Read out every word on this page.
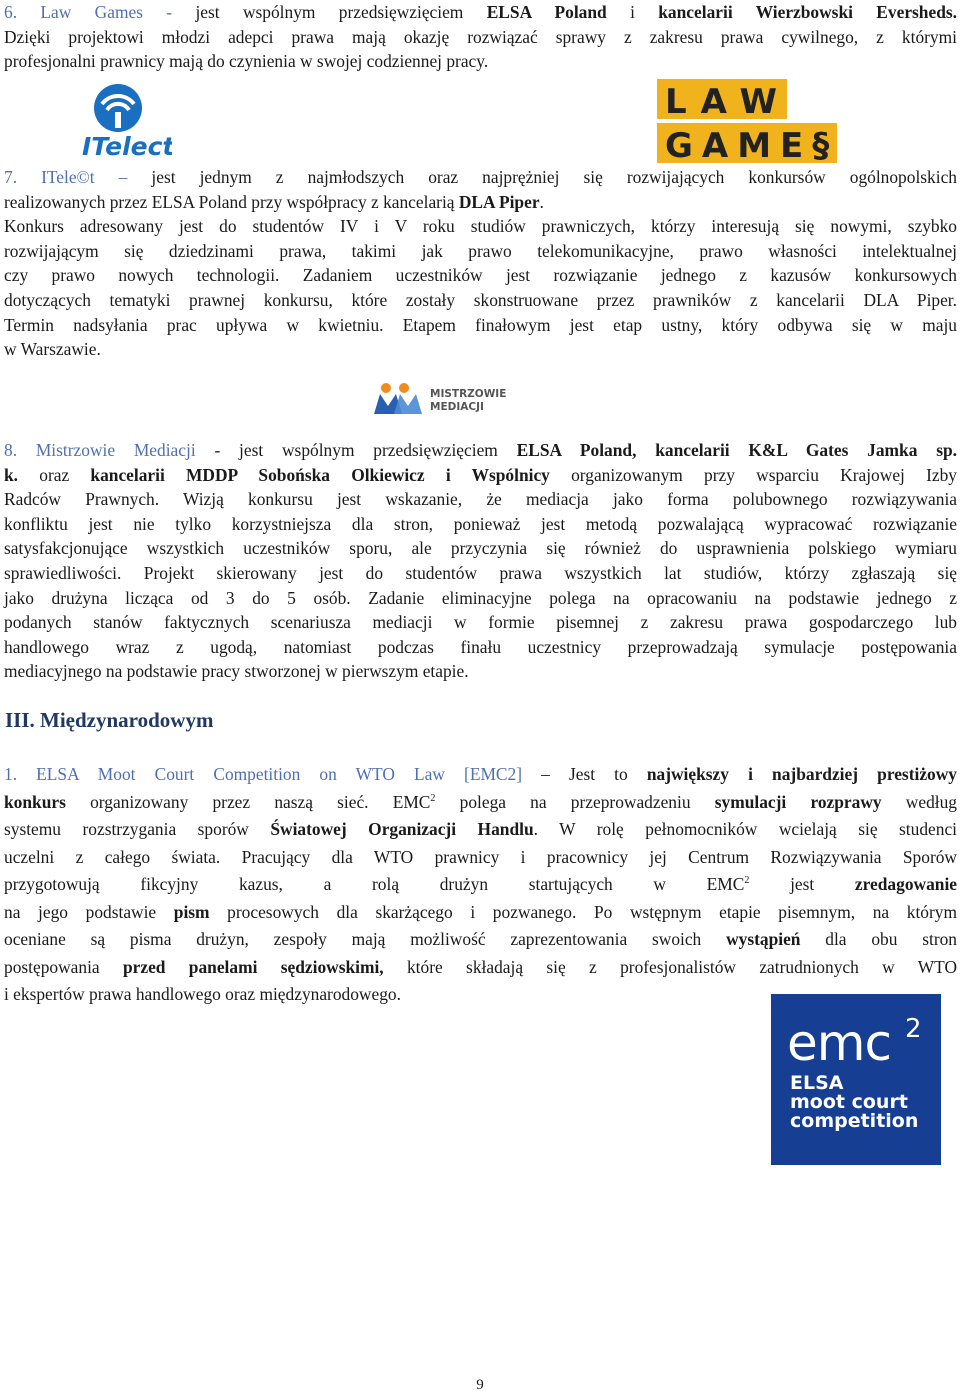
6. Law Games - jest wspólnym przedsięwzięciem ELSA Poland i kancelarii Wierzbowski Eversheds.
Dzięki projektowi młodzi adepci prawa mają okazję rozwiązać sprawy z zakresu prawa cywilnego, z którymi
profesjonalni prawnicy mają do czynienia w swojej codziennej pracy.

ITelect
LAW
GAME§

7. ITele©t – jest jednym z najmłodszych oraz najprężniej się rozwijających konkursów ogólnopolskich
realizowanych przez ELSA Poland przy współpracy z kancelarią DLA Piper.
Konkurs adresowany jest do studentów IV i V roku studiów prawniczych, którzy interesują się nowymi, szybko
rozwijającym się dziedzinami prawa, takimi jak prawo telekomunikacyjne, prawo własności intelektualnej
czy prawo nowych technologii. Zadaniem uczestników jest rozwiązanie jednego z kazusów konkursowych
dotyczących tematyki prawnej konkursu, które zostały skonstruowane przez prawników z kancelarii DLA Piper.
Termin nadsyłania prac upływa w kwietniu. Etapem finałowym jest etap ustny, który odbywa się w maju
w Warszawie.

MISTRZOWIE
MEDIACJI

8. Mistrzowie Mediacji - jest wspólnym przedsięwzięciem ELSA Poland, kancelarii K&L Gates Jamka sp.
k. oraz kancelarii MDDP Sobońska Olkiewicz i Wspólnicy organizowanym przy wsparciu Krajowej Izby
Radców Prawnych. Wizją konkursu jest wskazanie, że mediacja jako forma polubownego rozwiązywania
konfliktu jest nie tylko korzystniejsza dla stron, ponieważ jest metodą pozwalającą wypracować rozwiązanie
satysfakcjonujące wszystkich uczestników sporu, ale przyczynia się również do usprawnienia polskiego wymiaru
sprawiedliwości. Projekt skierowany jest do studentów prawa wszystkich lat studiów, którzy zgłaszają się
jako drużyna licząca od 3 do 5 osób. Zadanie eliminacyjne polega na opracowaniu na podstawie jednego z
podanych stanów faktycznych scenariusza mediacji w formie pisemnej z zakresu prawa gospodarczego lub
handlowego wraz z ugodą, natomiast podczas finału uczestnicy przeprowadzają symulacje postępowania
mediacyjnego na podstawie pracy stworzonej w pierwszym etapie.

III. Międzynarodowym

1. ELSA Moot Court Competition on WTO Law [EMC2] – Jest to największy i najbardziej prestiżowy
konkurs organizowany przez naszą sieć. EMC$^2$ polega na przeprowadzeniu symulacji rozprawy według
systemu rozstrzygania sporów Światowej Organizacji Handlu. W rolę pełnomocników wcielają się studenci
uczelni z całego świata. Pracujący dla WTO prawnicy i pracownicy jej Centrum Rozwiązywania Sporów
przygotowują fikcyjny kazus, a rolą drużyn startujących w EMC$^2$ jest zredagowanie
na jego podstawie pism procesowych dla skarżącego i pozwanego. Po wstępnym etapie pisemnym, na którym
oceniane są pisma drużyn, zespoły mają możliwość zaprezentowania swoich wystąpień dla obu stron
postępowania przed panelami sędziowskimi, które składają się z profesjonalistów zatrudnionych w WTO
i ekspertów prawa handlowego oraz międzynarodowego.

emc 2
ELSA
moot court
competition
9
